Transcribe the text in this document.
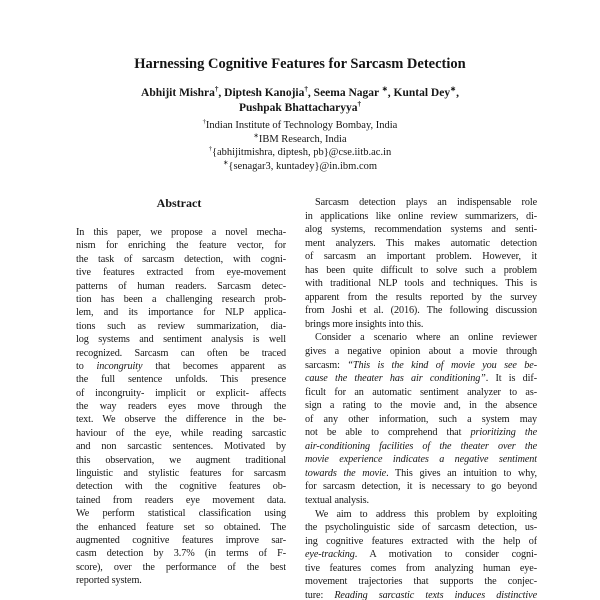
Harnessing Cognitive Features for Sarcasm Detection
Abhijit Mishra†, Diptesh Kanojia†, Seema Nagar ∗, Kuntal Dey∗,
Pushpak Bhattacharyya†
†Indian Institute of Technology Bombay, India
∗IBM Research, India
†{abhijitmishra, diptesh, pb}@cse.iitb.ac.in
∗{senagar3, kuntadey}@in.ibm.com
Abstract
In this paper, we propose a novel mecha-
nism for enriching the feature vector, for
the task of sarcasm detection, with cogni-
tive features extracted from eye-movement
patterns of human readers. Sarcasm detec-
tion has been a challenging research prob-
lem, and its importance for NLP applica-
tions such as review summarization, dia-
log systems and sentiment analysis is well
recognized. Sarcasm can often be traced
to incongruity that becomes apparent as
the full sentence unfolds. This presence
of incongruity- implicit or explicit- affects
the way readers eyes move through the
text. We observe the difference in the be-
haviour of the eye, while reading sarcastic
and non sarcastic sentences. Motivated by
this observation, we augment traditional
linguistic and stylistic features for sarcasm
detection with the cognitive features ob-
tained from readers eye movement data.
We perform statistical classification using
the enhanced feature set so obtained. The
augmented cognitive features improve sar-
casm detection by 3.7% (in terms of F-
score), over the performance of the best
reported system.
Sarcasm detection plays an indispensable role
in applications like online review summarizers, di-
alog systems, recommendation systems and senti-
ment analyzers. This makes automatic detection
of sarcasm an important problem. However, it
has been quite difficult to solve such a problem
with traditional NLP tools and techniques. This is
apparent from the results reported by the survey
from Joshi et al. (2016). The following discussion
brings more insights into this.
Consider a scenario where an online reviewer
gives a negative opinion about a movie through
sarcasm: “This is the kind of movie you see be-
cause the theater has air conditioning”. It is dif-
ficult for an automatic sentiment analyzer to as-
sign a rating to the movie and, in the absence
of any other information, such a system may
not be able to comprehend that prioritizing the
air-conditioning facilities of the theater over the
movie experience indicates a negative sentiment
towards the movie. This gives an intuition to why,
for sarcasm detection, it is necessary to go beyond
textual analysis.
We aim to address this problem by exploiting
the psycholinguistic side of sarcasm detection, us-
ing cognitive features extracted with the help of
eye-tracking. A motivation to consider cogni-
tive features comes from analyzing human eye-
movement trajectories that supports the conjec-
ture: Reading sarcastic texts induces distinctive
